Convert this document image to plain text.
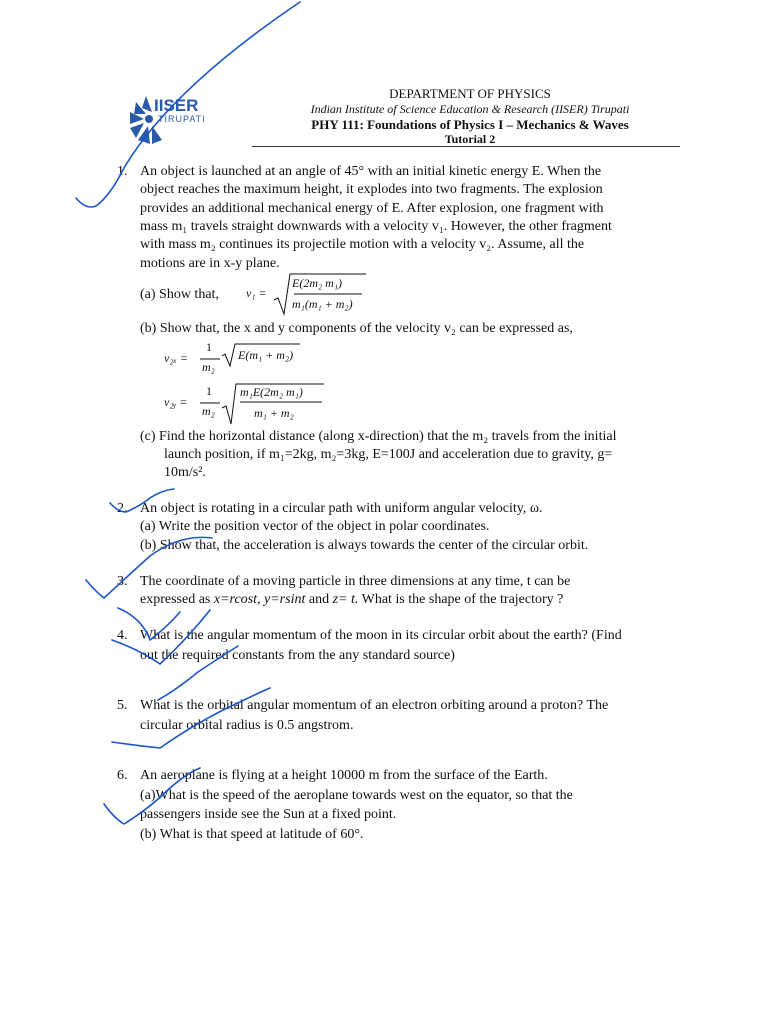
IISER
TIRUPATI
DEPARTMENT OF PHYSICS
Indian Institute of Science Education & Research (IISER) Tirupati
PHY 111: Foundations of Physics I – Mechanics & Waves
Tutorial 2
1. An object is launched at an angle of 45° with an initial kinetic energy E. When the
object reaches the maximum height, it explodes into two fragments. The explosion
provides an additional mechanical energy of E. After explosion, one fragment with
mass m₁ travels straight downwards with a velocity v₁. However, the other fragment
with mass m₂ continues its projectile motion with a velocity v₂. Assume, all the
motions are in x-y plane.
(a) Show that, v₁ =
E(2m₂ m₁)
m₁(m₁ + m₂)
(b) Show that, the x and y components of the velocity v₂ can be expressed as,
v₂ₓ =
1
m₂
E(m₁ + m₂)
v₂ᵧ =
1
m₂
m₁E(2m₂ m₁)
m₁ + m₂
(c) Find the horizontal distance (along x-direction) that the m₂ travels from the initial
launch position, if m₁=2kg, m₂=3kg, E=100J and acceleration due to gravity, g=
10m/s².
2. An object is rotating in a circular path with uniform angular velocity, ω.
(a) Write the position vector of the object in polar coordinates.
(b) Show that, the acceleration is always towards the center of the circular orbit.
3. The coordinate of a moving particle in three dimensions at any time, t can be
expressed as x=rcost, y=rsint and z= t. What is the shape of the trajectory ?
4. What is the angular momentum of the moon in its circular orbit about the earth? (Find
out the required constants from the any standard source)
5. What is the orbital angular momentum of an electron orbiting around a proton? The
circular orbital radius is 0.5 angstrom.
6. An aeroplane is flying at a height 10000 m from the surface of the Earth.
(a)What is the speed of the aeroplane towards west on the equator, so that the
passengers inside see the Sun at a fixed point.
(b) What is that speed at latitude of 60°.
